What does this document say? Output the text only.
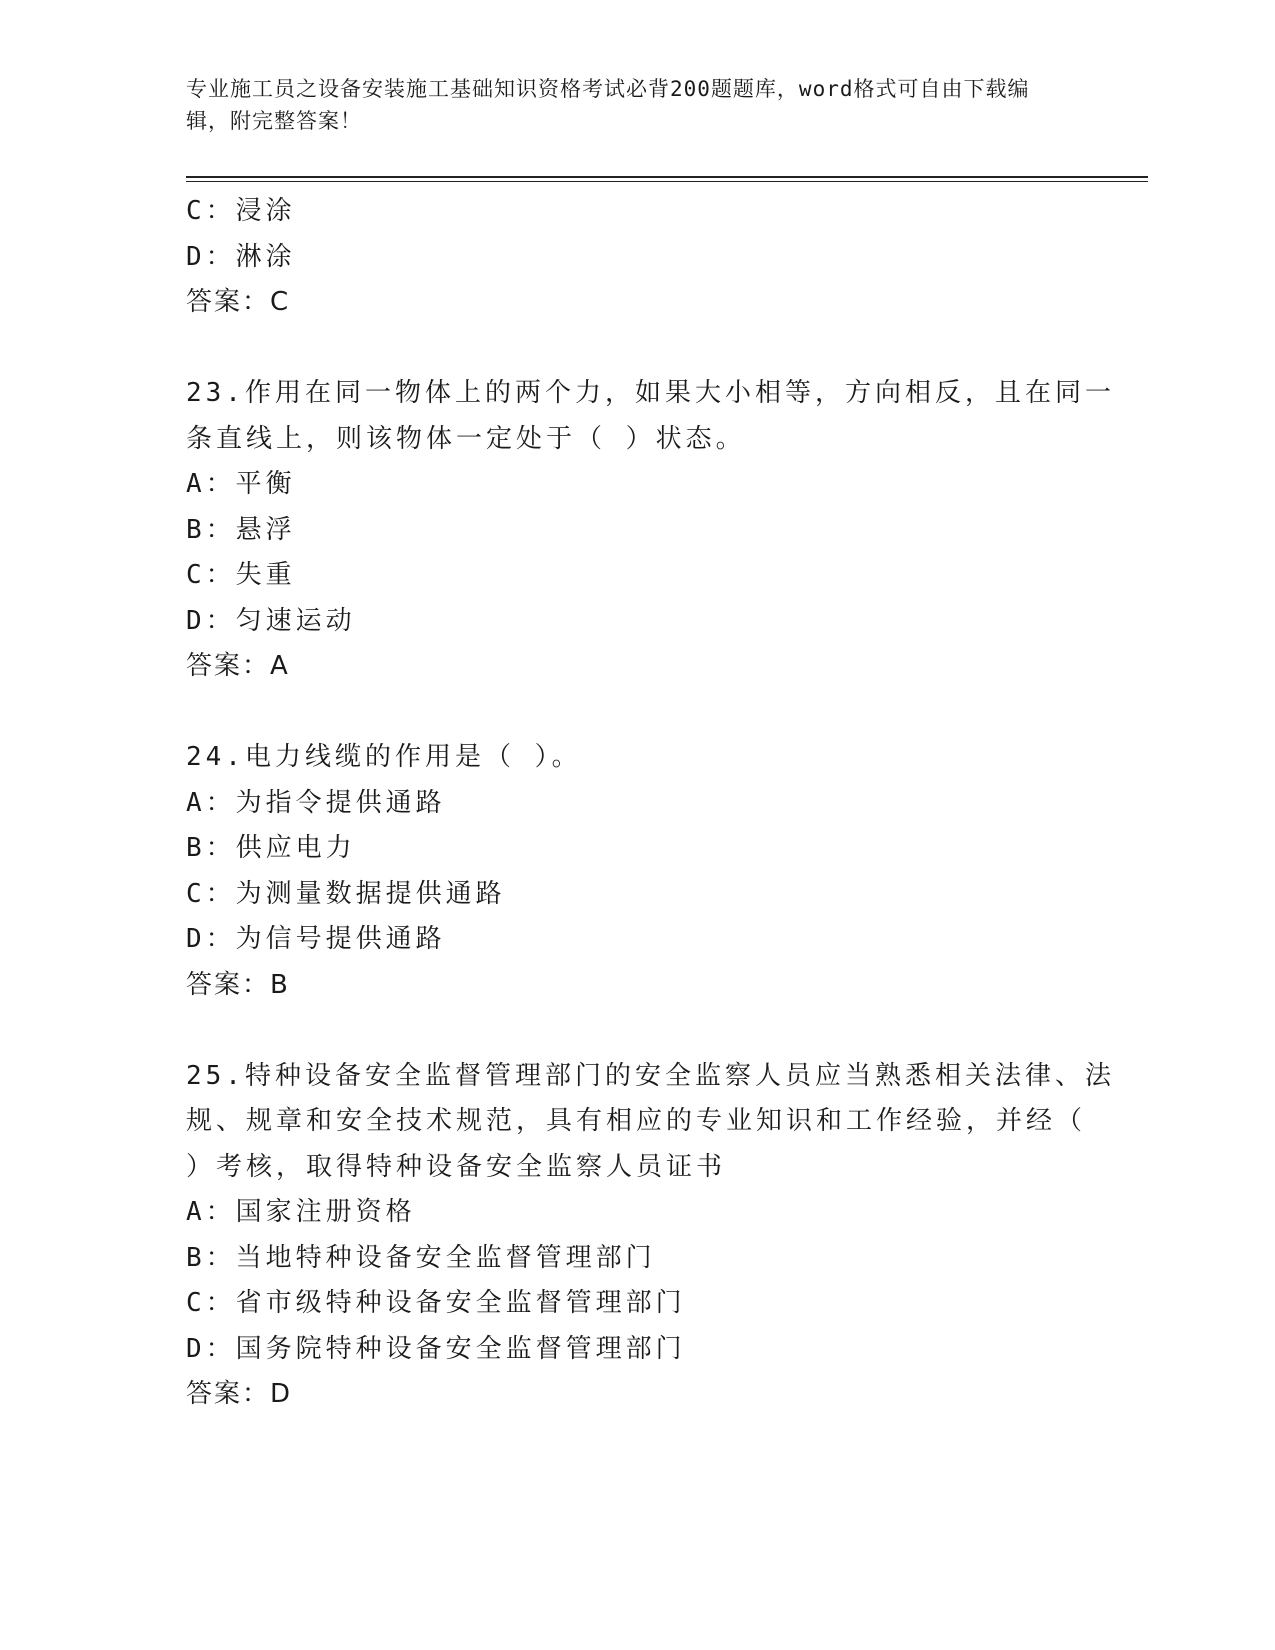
专业施工员之设备安装施工基础知识资格考试必背200题题库，word格式可自由下载编辑，附完整答案！
C：浸涂
D：淋涂
答案：C
23.作用在同一物体上的两个力，如果大小相等，方向相反，且在同一
条直线上，则该物体一定处于（ ）状态。
A：平衡
B：悬浮
C：失重
D：匀速运动
答案：A
24.电力线缆的作用是（ ）。
A：为指令提供通路
B：供应电力
C：为测量数据提供通路
D：为信号提供通路
答案：B
25.特种设备安全监督管理部门的安全监察人员应当熟悉相关法律、法
规、规章和安全技术规范，具有相应的专业知识和工作经验，并经（
）考核，取得特种设备安全监察人员证书
A：国家注册资格
B：当地特种设备安全监督管理部门
C：省市级特种设备安全监督管理部门
D：国务院特种设备安全监督管理部门
答案：D
